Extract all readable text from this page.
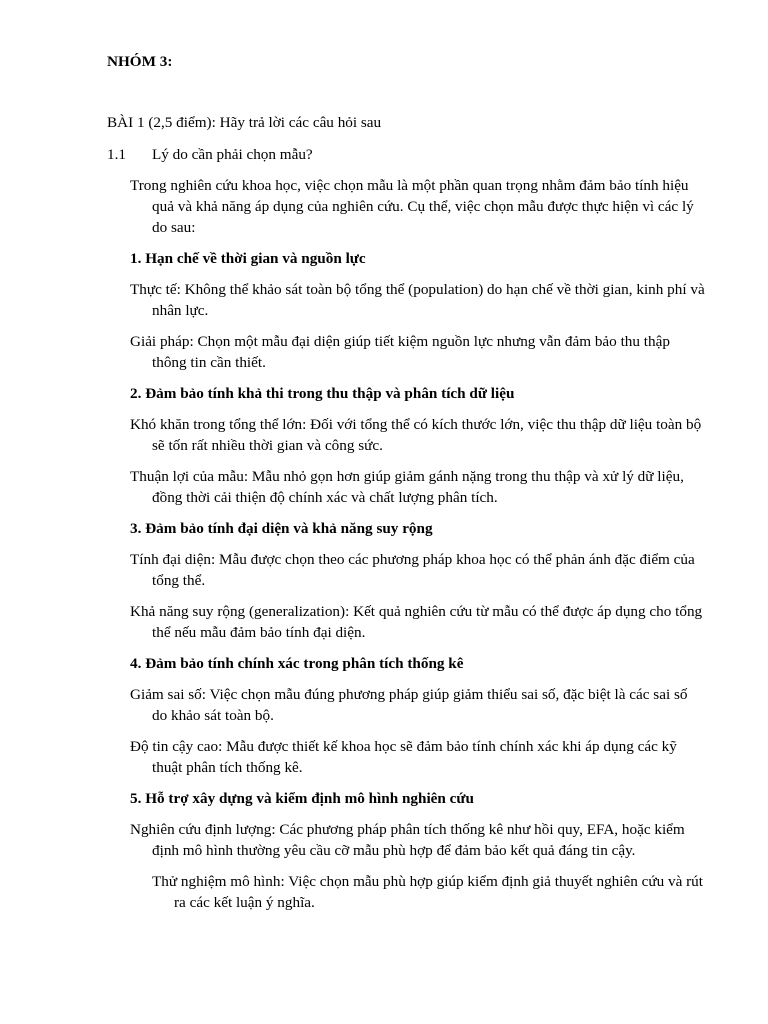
NHÓM 3:

BÀI 1 (2,5 điểm): Hãy trả lời các câu hỏi sau

1.1 Lý do cần phải chọn mẫu?

Trong nghiên cứu khoa học, việc chọn mẫu là một phần quan trọng nhằm đảm bảo tính hiệu quả và khả năng áp dụng của nghiên cứu. Cụ thể, việc chọn mẫu được thực hiện vì các lý do sau:

1. Hạn chế về thời gian và nguồn lực

Thực tế: Không thể khảo sát toàn bộ tổng thể (population) do hạn chế về thời gian, kinh phí và nhân lực.

Giải pháp: Chọn một mẫu đại diện giúp tiết kiệm nguồn lực nhưng vẫn đảm bảo thu thập thông tin cần thiết.

2. Đảm bảo tính khả thi trong thu thập và phân tích dữ liệu

Khó khăn trong tổng thể lớn: Đối với tổng thể có kích thước lớn, việc thu thập dữ liệu toàn bộ sẽ tốn rất nhiều thời gian và công sức.

Thuận lợi của mẫu: Mẫu nhỏ gọn hơn giúp giảm gánh nặng trong thu thập và xử lý dữ liệu, đồng thời cải thiện độ chính xác và chất lượng phân tích.

3. Đảm bảo tính đại diện và khả năng suy rộng

Tính đại diện: Mẫu được chọn theo các phương pháp khoa học có thể phản ánh đặc điểm của tổng thể.

Khả năng suy rộng (generalization): Kết quả nghiên cứu từ mẫu có thể được áp dụng cho tổng thể nếu mẫu đảm bảo tính đại diện.

4. Đảm bảo tính chính xác trong phân tích thống kê

Giảm sai số: Việc chọn mẫu đúng phương pháp giúp giảm thiểu sai số, đặc biệt là các sai số do khảo sát toàn bộ.

Độ tin cậy cao: Mẫu được thiết kế khoa học sẽ đảm bảo tính chính xác khi áp dụng các kỹ thuật phân tích thống kê.

5. Hỗ trợ xây dựng và kiểm định mô hình nghiên cứu

Nghiên cứu định lượng: Các phương pháp phân tích thống kê như hồi quy, EFA, hoặc kiểm định mô hình thường yêu cầu cỡ mẫu phù hợp để đảm bảo kết quả đáng tin cậy.

Thử nghiệm mô hình: Việc chọn mẫu phù hợp giúp kiểm định giả thuyết nghiên cứu và rút ra các kết luận ý nghĩa.
